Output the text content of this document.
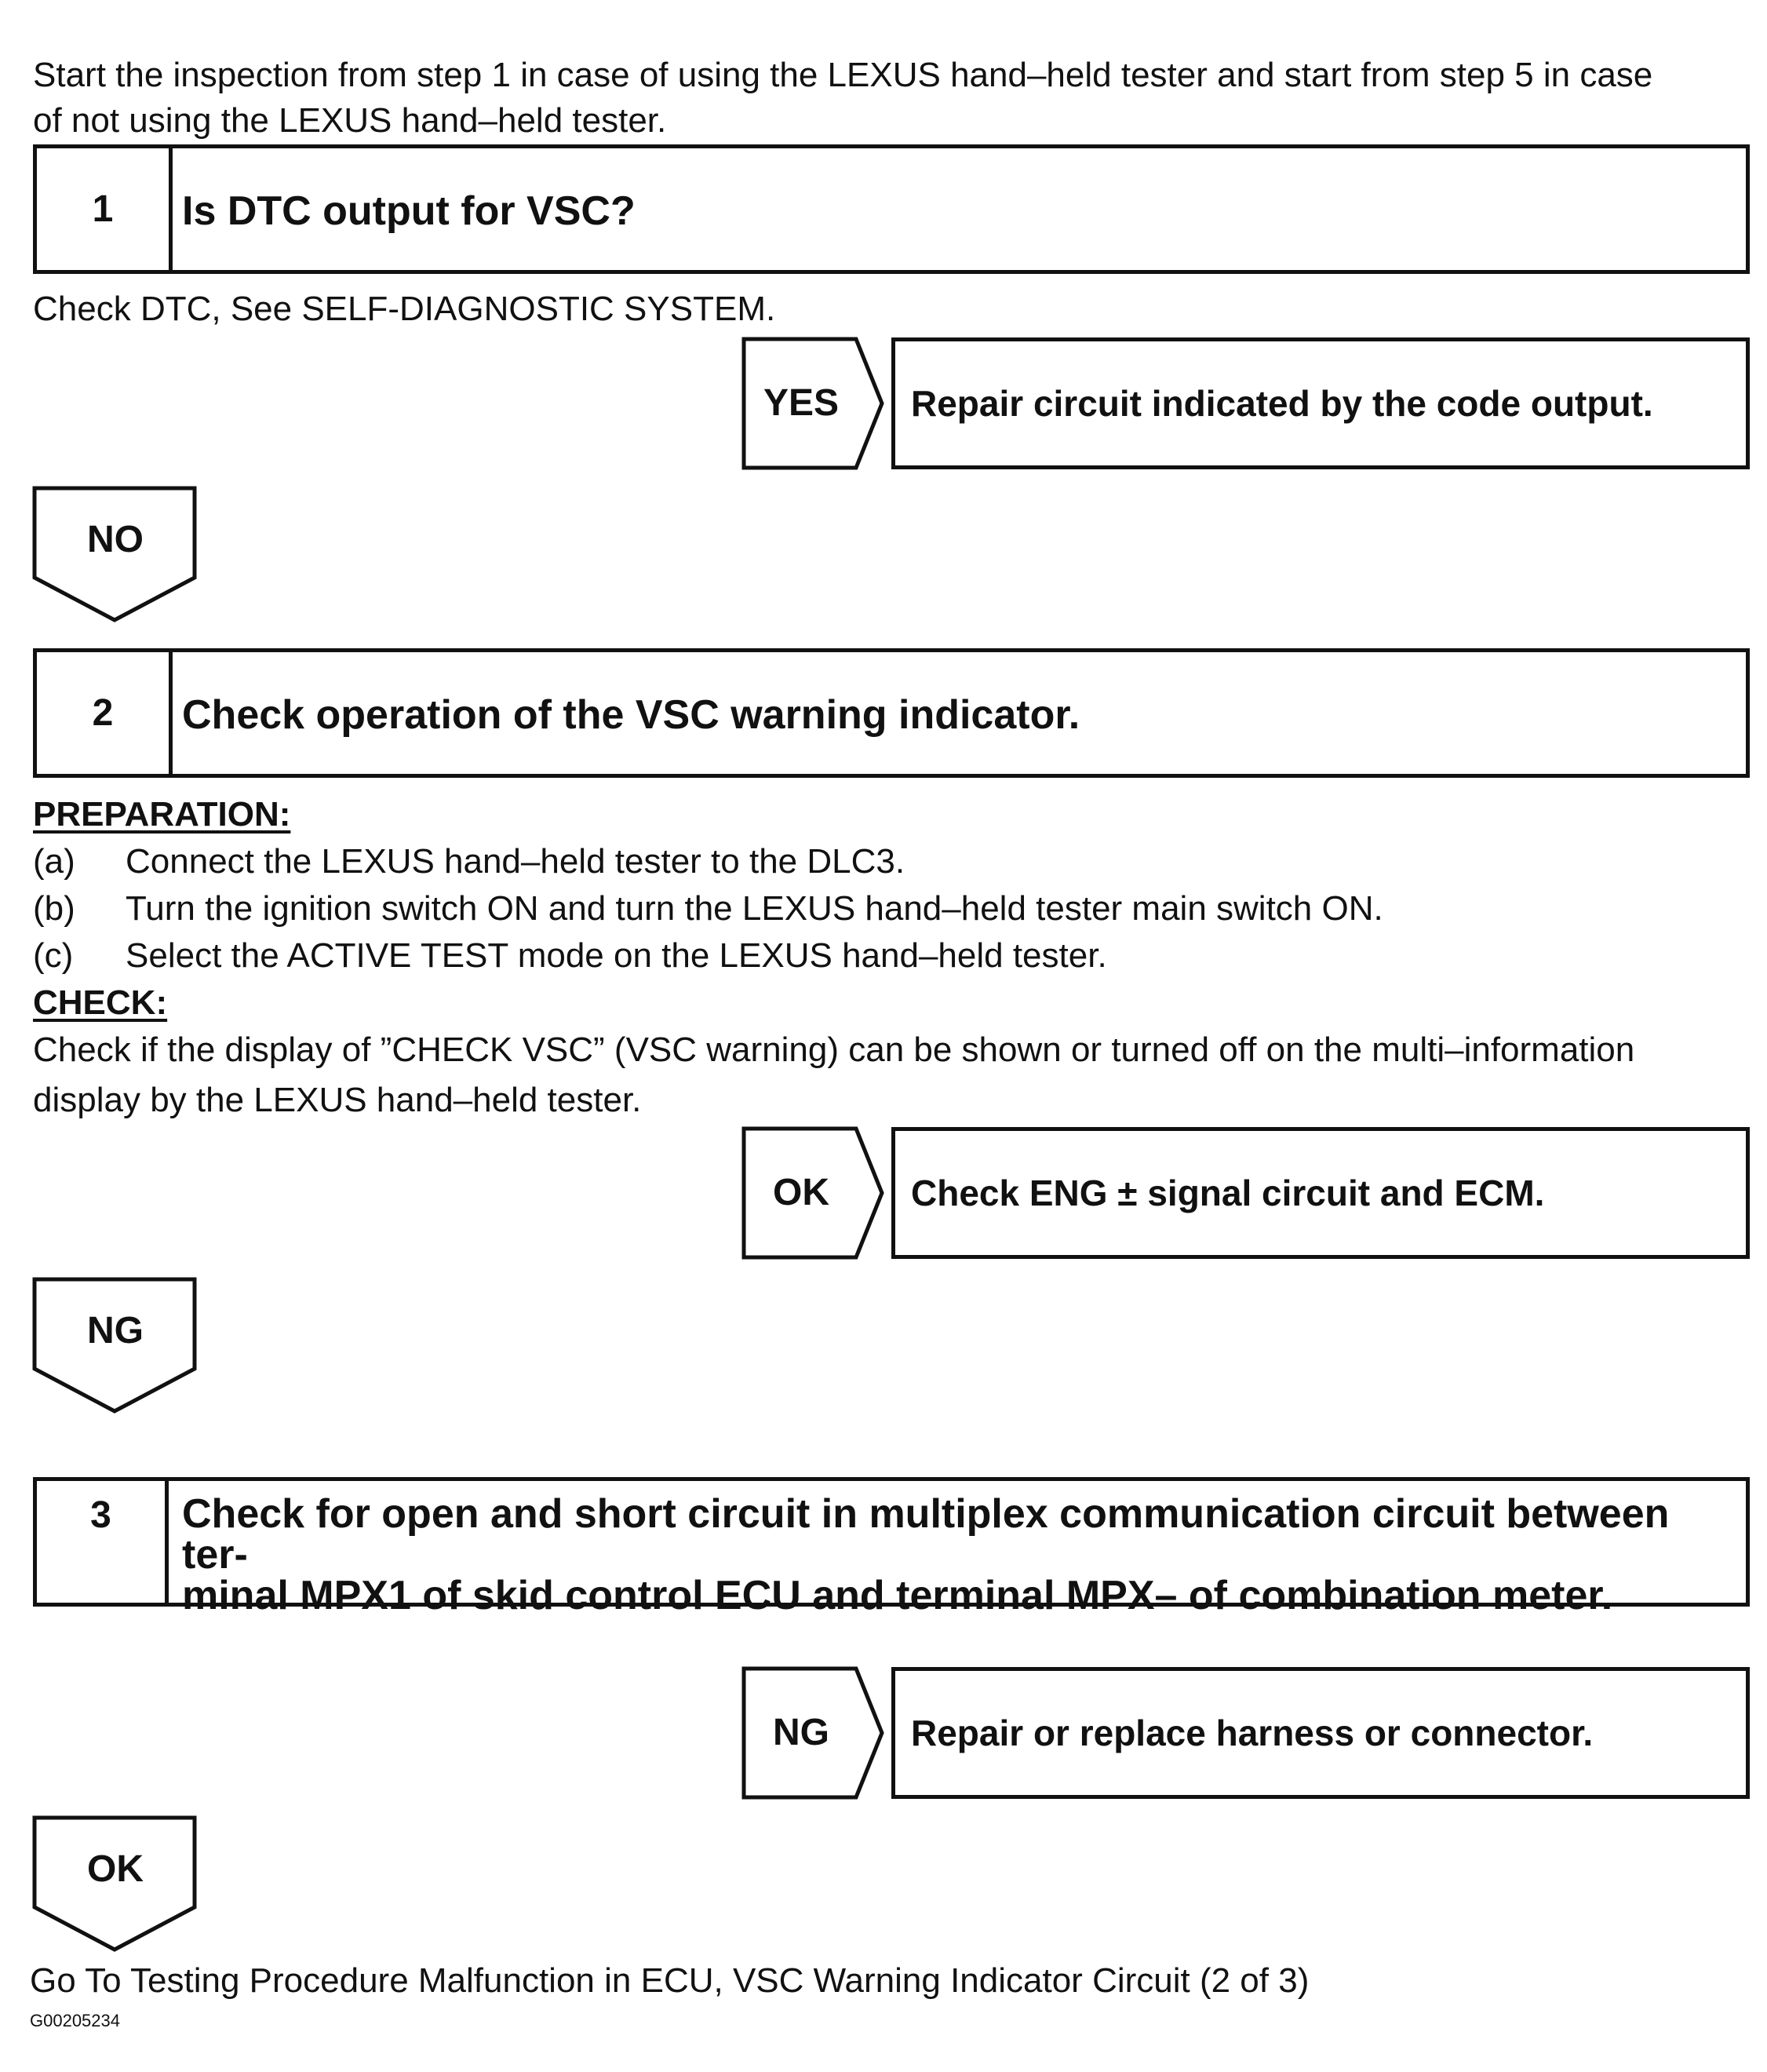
Start the inspection from step 1 in case of using the LEXUS hand–held tester and start from step 5 in case
of not using the LEXUS hand–held tester.
1	Is DTC output for VSC?
Check DTC, See SELF-DIAGNOSTIC SYSTEM.
YES	Repair circuit indicated by the code output.
NO
2	Check operation of the VSC warning indicator.
PREPARATION:
(a) Connect the LEXUS hand–held tester to the DLC3.
(b) Turn the ignition switch ON and turn the LEXUS hand–held tester main switch ON.
(c) Select the ACTIVE TEST mode on the LEXUS hand–held tester.
CHECK:
Check if the display of ”CHECK VSC” (VSC warning) can be shown or turned off on the multi–information
display by the LEXUS hand–held tester.
OK	Check ENG ± signal circuit and ECM.
NG
3	Check for open and short circuit in multiplex communication circuit between ter-
minal MPX1 of skid control ECU and terminal MPX– of combination meter.
NG	Repair or replace harness or connector.
OK
Go To Testing Procedure Malfunction in ECU, VSC Warning Indicator Circuit (2 of 3)
G00205234
